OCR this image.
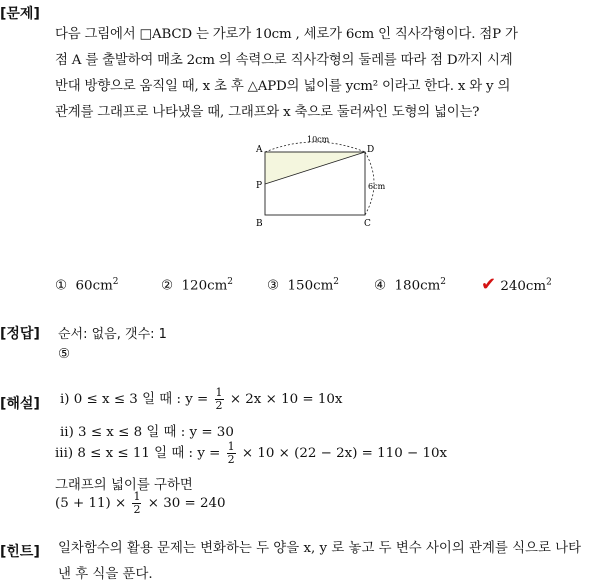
[문제]
다음 그림에서 □ABCD 는 가로가 10cm , 세로가 6cm 인 직사각형이다. 점P 가
점 A 를 출발하여 매초 2cm 의 속력으로 직사각형의 둘레를 따라 점 D까지 시계
반대 방향으로 움직일 때, x 초 후 △APD의 넓이를 ycm² 이라고 한다. x 와 y 의
관계를 그래프로 나타냈을 때, 그래프와 x 축으로 둘러싸인 도형의 넓이는?
A	D
P
B	C
10cm
6cm
① $60cm^2$	② $120cm^2$	③ $150cm^2$	④ $180cm^2$ ✔ $240cm^2$
[정답] 순서: 없음, 갯수: 1
⑤
[해설] i) 0 ≤ x ≤ 3 일 때 : $y = \frac{1}{2} \times 2x \times 10 = 10x$
ii) 3 ≤ x ≤ 8 일 때 : y = 30
iii) 8 ≤ x ≤ 11 일 때 : $y = \frac{1}{2} \times 10 \times (22 - 2x) = 110 - 10x$
그래프의 넓이를 구하면
$(5 + 11) \times \frac{1}{2} \times 30 = 240$
[힌트] 일차함수의 활용 문제는 변화하는 두 양을 x, y 로 놓고 두 변수 사이의 관계를 식으로 나타낸 후 식을 푼다.
